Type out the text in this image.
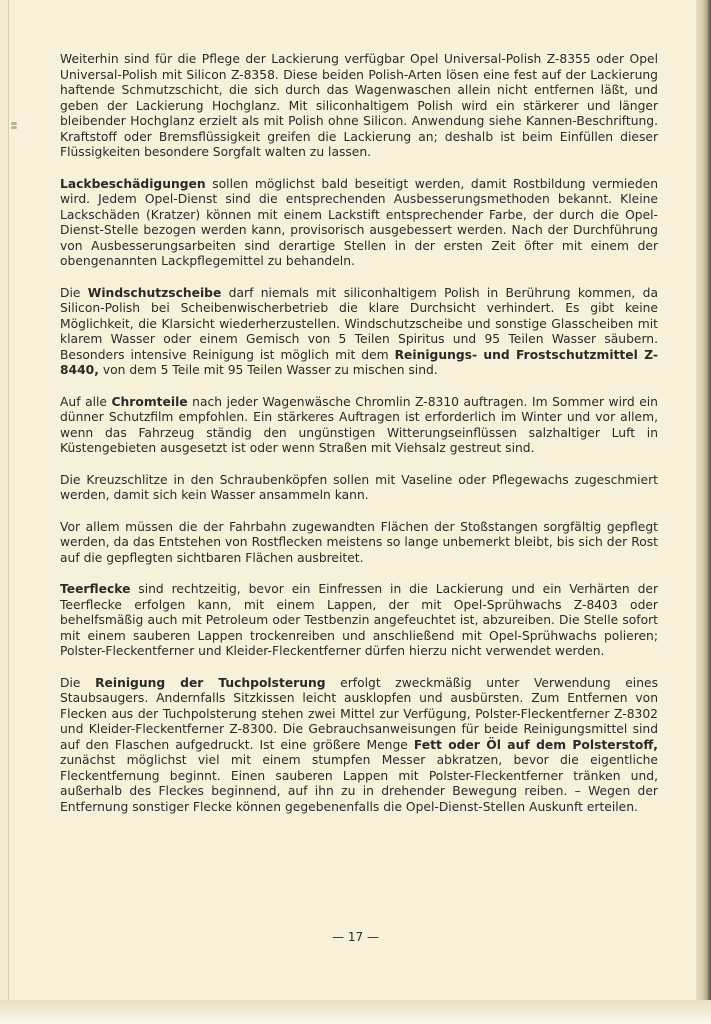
Weiterhin sind für die Pflege der Lackierung verfügbar Opel Universal-Polish Z-8355 oder Opel Universal-Polish mit Silicon Z-8358. Diese beiden Polish-Arten lösen eine fest auf der Lackierung haftende Schmutzschicht, die sich durch das Wagenwaschen allein nicht entfernen läßt, und geben der Lackierung Hochglanz. Mit siliconhaltigem Polish wird ein stärkerer und länger bleibender Hochglanz erzielt als mit Polish ohne Silicon. Anwendung siehe Kannen-Beschriftung. Kraftstoff oder Bremsflüssigkeit greifen die Lackierung an; deshalb ist beim Einfüllen dieser Flüssigkeiten besondere Sorgfalt walten zu lassen.

Lackbeschädigungen sollen möglichst bald beseitigt werden, damit Rostbildung vermieden wird. Jedem Opel-Dienst sind die entsprechenden Ausbesserungsmethoden bekannt. Kleine Lackschäden (Kratzer) können mit einem Lackstift entsprechender Farbe, der durch die Opel-Dienst-Stelle bezogen werden kann, provisorisch ausgebessert werden. Nach der Durchführung von Ausbesserungsarbeiten sind derartige Stellen in der ersten Zeit öfter mit einem der obengenannten Lackpflegemittel zu behandeln.

Die Windschutzscheibe darf niemals mit siliconhaltigem Polish in Berührung kommen, da Silicon-Polish bei Scheibenwischerbetrieb die klare Durchsicht verhindert. Es gibt keine Möglichkeit, die Klarsicht wiederherzustellen. Windschutzscheibe und sonstige Glasscheiben mit klarem Wasser oder einem Gemisch von 5 Teilen Spiritus und 95 Teilen Wasser säubern. Besonders intensive Reinigung ist möglich mit dem Reinigungs- und Frostschutzmittel Z-8440, von dem 5 Teile mit 95 Teilen Wasser zu mischen sind.

Auf alle Chromteile nach jeder Wagenwäsche Chromlin Z-8310 auftragen. Im Sommer wird ein dünner Schutzfilm empfohlen. Ein stärkeres Auftragen ist erforderlich im Winter und vor allem, wenn das Fahrzeug ständig den ungünstigen Witterungseinflüssen salzhaltiger Luft in Küstengebieten ausgesetzt ist oder wenn Straßen mit Viehsalz gestreut sind.

Die Kreuzschlitze in den Schraubenköpfen sollen mit Vaseline oder Pflegewachs zugeschmiert werden, damit sich kein Wasser ansammeln kann.

Vor allem müssen die der Fahrbahn zugewandten Flächen der Stoßstangen sorgfältig gepflegt werden, da das Entstehen von Rostflecken meistens so lange unbemerkt bleibt, bis sich der Rost auf die gepflegten sichtbaren Flächen ausbreitet.

Teerflecke sind rechtzeitig, bevor ein Einfressen in die Lackierung und ein Verhärten der Teerflecke erfolgen kann, mit einem Lappen, der mit Opel-Sprühwachs Z-8403 oder behelfsmäßig auch mit Petroleum oder Testbenzin angefeuchtet ist, abzureiben. Die Stelle sofort mit einem sauberen Lappen trockenreiben und anschließend mit Opel-Sprühwachs polieren; Polster-Fleckentferner und Kleider-Fleckentferner dürfen hierzu nicht verwendet werden.

Die Reinigung der Tuchpolsterung erfolgt zweckmäßig unter Verwendung eines Staubsaugers. Andernfalls Sitzkissen leicht ausklopfen und ausbürsten. Zum Entfernen von Flecken aus der Tuchpolsterung stehen zwei Mittel zur Verfügung, Polster-Fleckentferner Z-8302 und Kleider-Fleckentferner Z-8300. Die Gebrauchsanweisungen für beide Reinigungsmittel sind auf den Flaschen aufgedruckt. Ist eine größere Menge Fett oder Öl auf dem Polsterstoff, zunächst möglichst viel mit einem stumpfen Messer abkratzen, bevor die eigentliche Fleckentfernung beginnt. Einen sauberen Lappen mit Polster-Fleckentferner tränken und, außerhalb des Fleckes beginnend, auf ihn zu in drehender Bewegung reiben. – Wegen der Entfernung sonstiger Flecke können gegebenenfalls die Opel-Dienst-Stellen Auskunft erteilen.

— 17 —
